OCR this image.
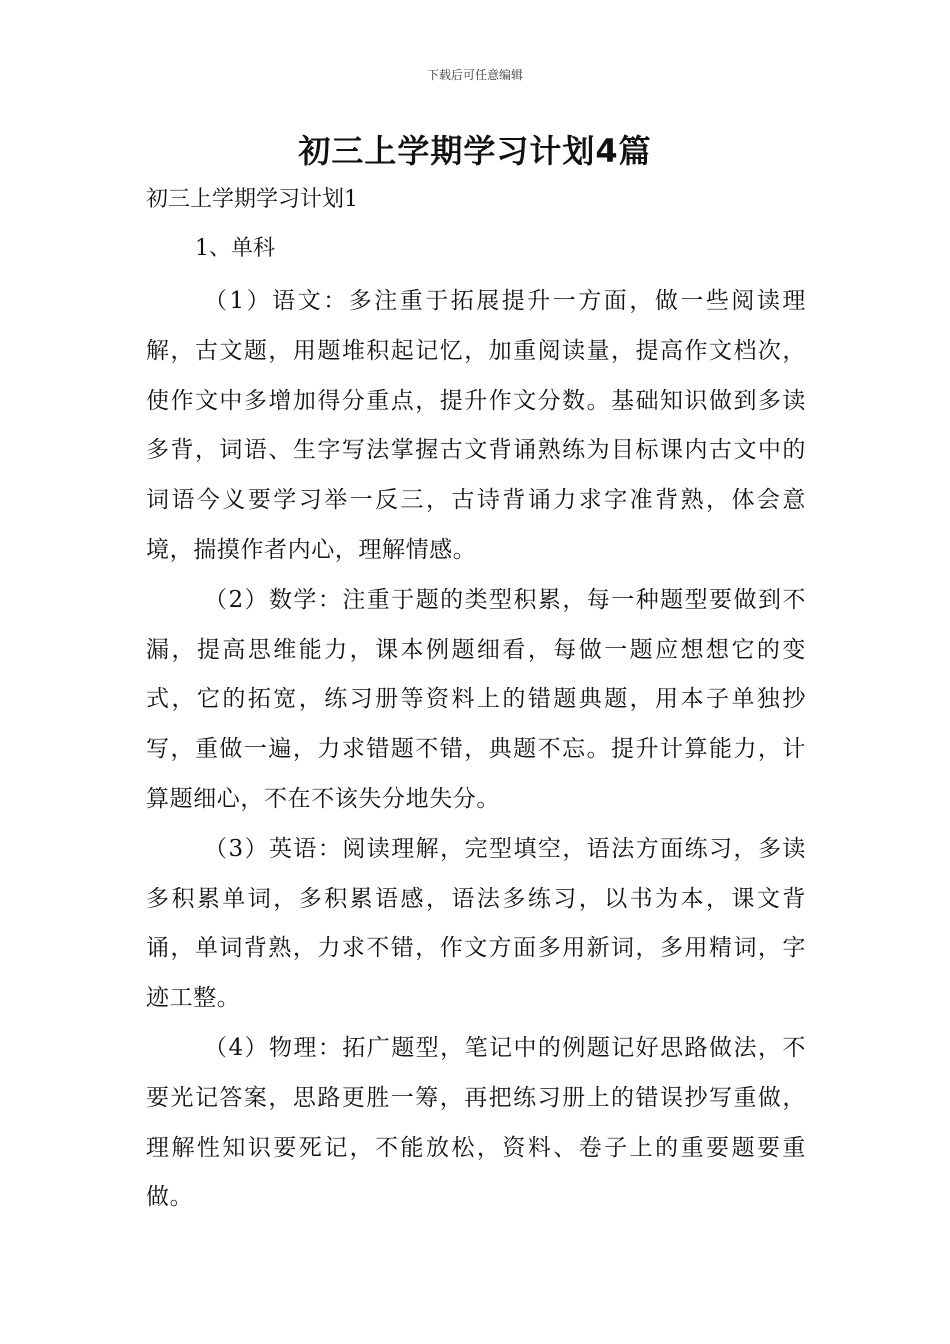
下载后可任意编辑
初三上学期学习计划4篇
初三上学期学习计划1
1、单科

（1）语文：多注重于拓展提升一方面，做一些阅读理解，古文题，用题堆积起记忆，加重阅读量，提高作文档次，使作文中多增加得分重点，提升作文分数。基础知识做到多读多背，词语、生字写法掌握古文背诵熟练为目标课内古文中的词语今义要学习举一反三，古诗背诵力求字准背熟，体会意境，揣摸作者内心，理解情感。

（2）数学：注重于题的类型积累，每一种题型要做到不漏，提高思维能力，课本例题细看，每做一题应想想它的变式，它的拓宽，练习册等资料上的错题典题，用本子单独抄写，重做一遍，力求错题不错，典题不忘。提升计算能力，计算题细心，不在不该失分地失分。

（3）英语：阅读理解，完型填空，语法方面练习，多读多积累单词，多积累语感，语法多练习，以书为本，课文背诵，单词背熟，力求不错，作文方面多用新词，多用精词，字迹工整。

（4）物理：拓广题型，笔记中的例题记好思路做法，不要光记答案，思路更胜一筹，再把练习册上的错误抄写重做，理解性知识要死记，不能放松，资料、卷子上的重要题要重做。
